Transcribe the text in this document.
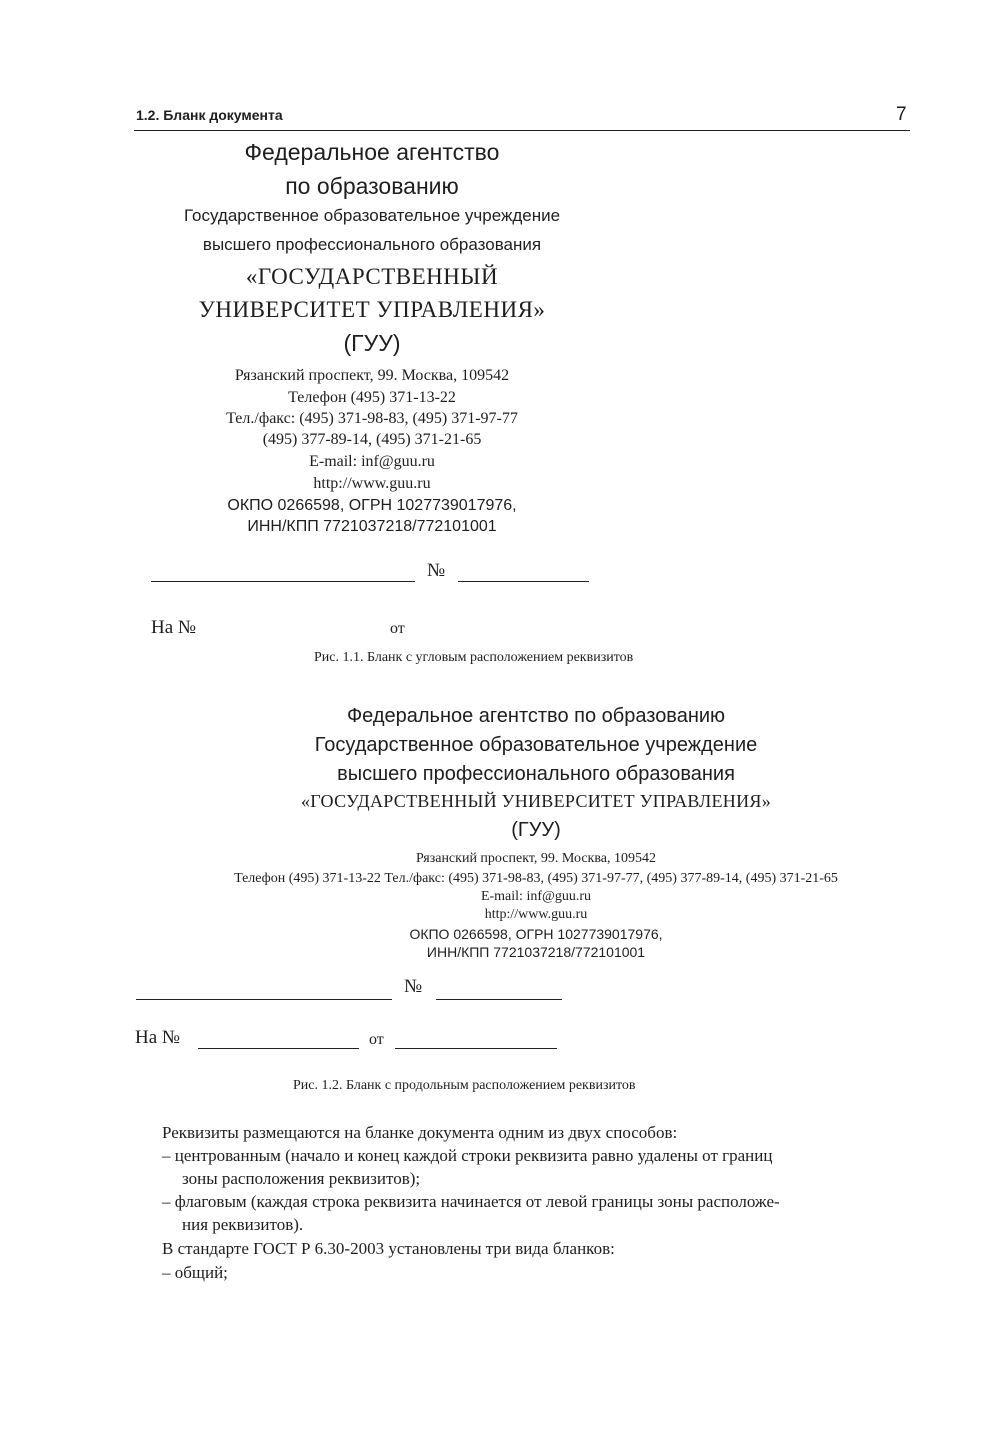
1.2. Бланк документа	7
Федеральное агентство
по образованию
Государственное образовательное учреждение
высшего профессионального образования
«ГОСУДАРСТВЕННЫЙ
УНИВЕРСИТЕТ УПРАВЛЕНИЯ»
(ГУУ)
Рязанский проспект, 99. Москва, 109542
Телефон (495) 371-13-22
Тел./факс: (495) 371-98-83, (495) 371-97-77
(495) 377-89-14, (495) 371-21-65
E-mail: inf@guu.ru
http://www.guu.ru
ОКПО 0266598, ОГРН 1027739017976,
ИНН/КПП 7721037218/772101001
№
На №	от
Рис. 1.1. Бланк с угловым расположением реквизитов
Федеральное агентство по образованию
Государственное образовательное учреждение
высшего профессионального образования
«ГОСУДАРСТВЕННЫЙ УНИВЕРСИТЕТ УПРАВЛЕНИЯ»
(ГУУ)
Рязанский проспект, 99. Москва, 109542
Телефон (495) 371-13-22 Тел./факс: (495) 371-98-83, (495) 371-97-77, (495) 377-89-14, (495) 371-21-65
E-mail: inf@guu.ru
http://www.guu.ru
ОКПО 0266598, ОГРН 1027739017976,
ИНН/КПП 7721037218/772101001
№
На №	от
Рис. 1.2. Бланк с продольным расположением реквизитов
Реквизиты размещаются на бланке документа одним из двух способов:
– центрованным (начало и конец каждой строки реквизита равно удалены от границ
зоны расположения реквизитов);
– флаговым (каждая строка реквизита начинается от левой границы зоны расположе-
ния реквизитов).
В стандарте ГОСТ Р 6.30-2003 установлены три вида бланков:
– общий;
